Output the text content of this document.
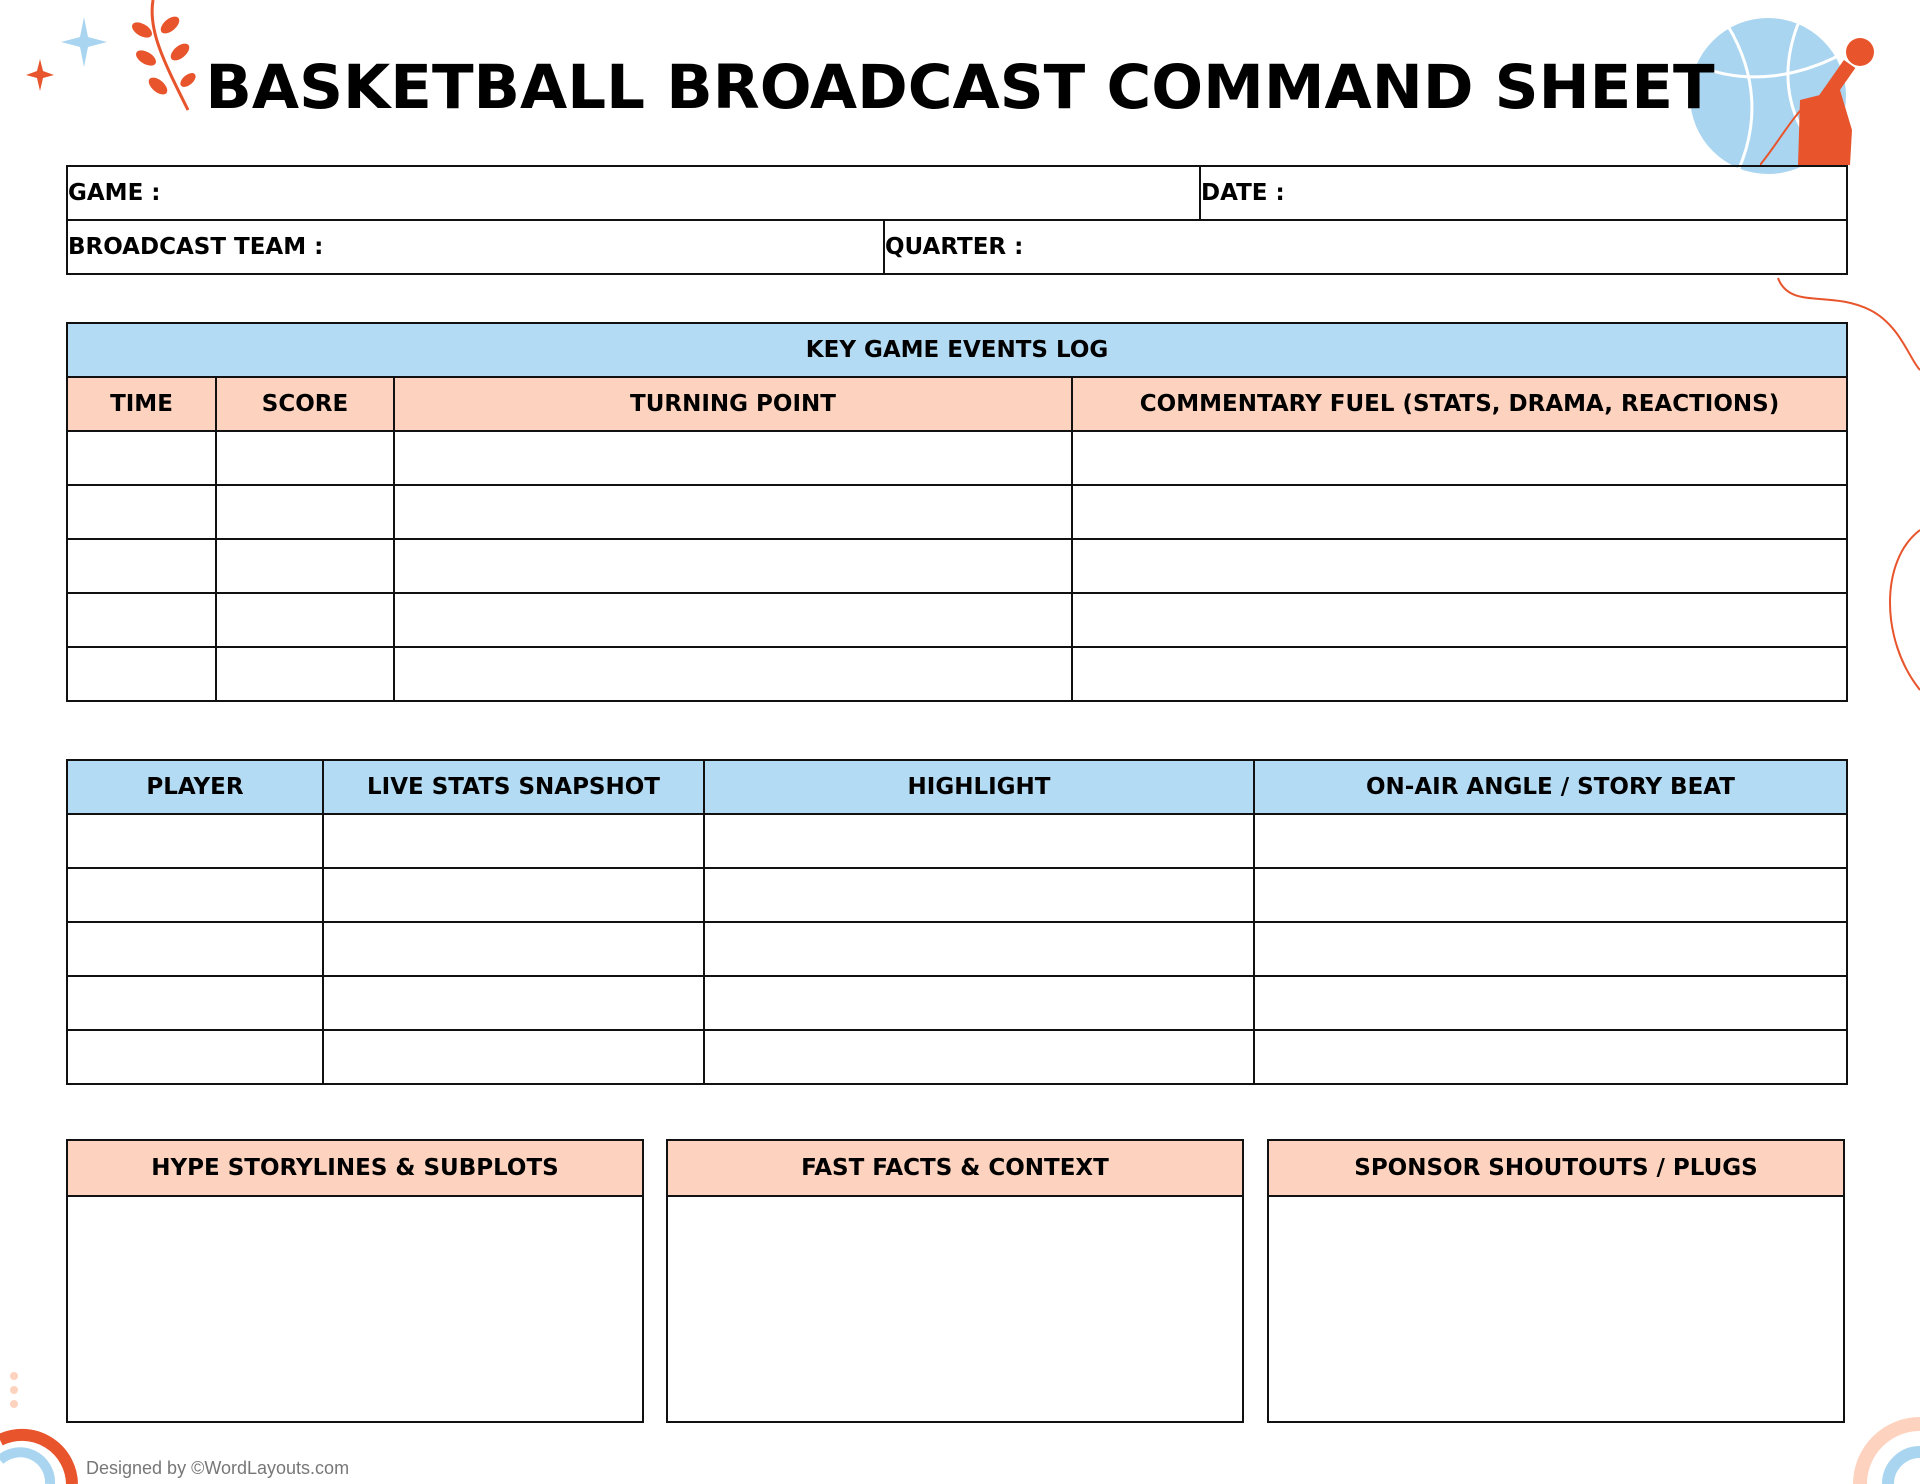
BASKETBALL BROADCAST COMMAND SHEET
GAME :		DATE :
BROADCAST TEAM :	QUARTER :	
KEY GAME EVENTS LOG			
TIME	SCORE	TURNING POINT	COMMENTARY FUEL (STATS, DRAMA, REACTIONS)

PLAYER	LIVE STATS SNAPSHOT	HIGHLIGHT	ON-AIR ANGLE / STORY BEAT

HYPE STORYLINES & SUBPLOTS	FAST FACTS & CONTEXT	SPONSOR SHOUTOUTS / PLUGS
Designed by ©WordLayouts.com
